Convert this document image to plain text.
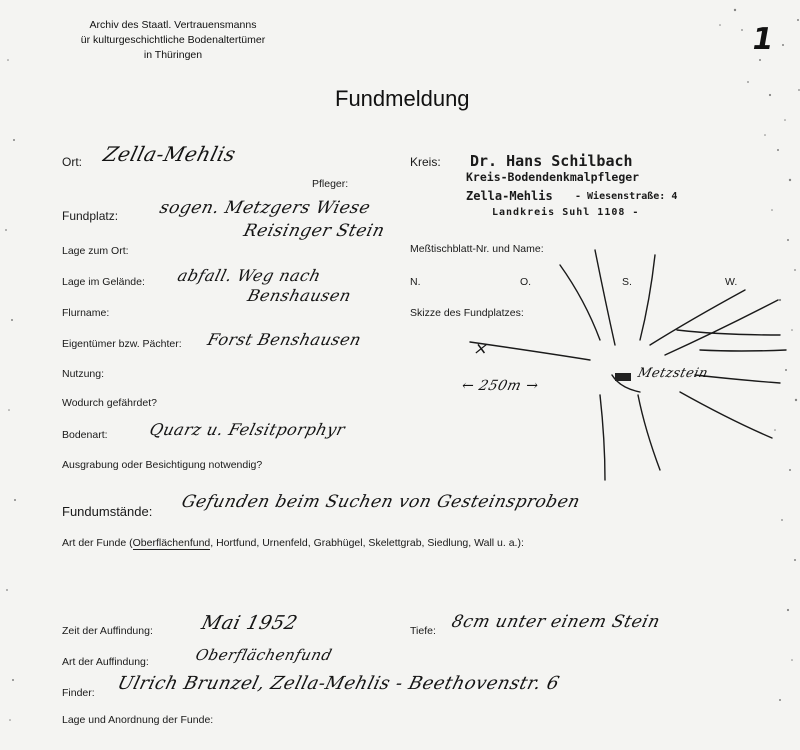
Archiv des Staatl. Vertrauensmanns
ür kulturgeschichtliche Bodenaltertümer
in Thüringen	1
Fundmeldung
Ort: Zella-Mehlis	Kreis: Dr. Hans Schilbach
Kreis-Bodendenkmalpfleger
Zella-Mehlis - Wiesenstraße: 4
Landkreis Suhl 1108 -
Pfleger:
Fundplatz: sogen. Metzgers Wiese
Reisinger Stein
Lage zum Ort:	Meßtischblatt-Nr. und Name:
Lage im Gelände: abfall. Weg nach
Benshausen
N.	O.	S.	W.
Flurname:	Skizze des Fundplatzes:
Eigentümer bzw. Pächter: Forst Benshausen
Nutzung:
Wodurch gefährdet?
Bodenart:	Quarz u. Felsitporphyr
Ausgrabung oder Besichtigung notwendig?
×
← 250m →
Metzstein
Fundumstände: Gefunden beim Suchen von Gesteinsproben
Art der Funde (Oberflächenfund, Hortfund, Urnenfeld, Grabhügel, Skelettgrab, Siedlung, Wall u. a.):
Zeit der Auffindung: Mai 1952	Tiefe: 8cm unter einem Stein
Art der Auffindung:	Oberflächenfund
Finder: Ulrich Brunzel, Zella-Mehlis - Beethovenstr. 6
Lage und Anordnung der Funde:
